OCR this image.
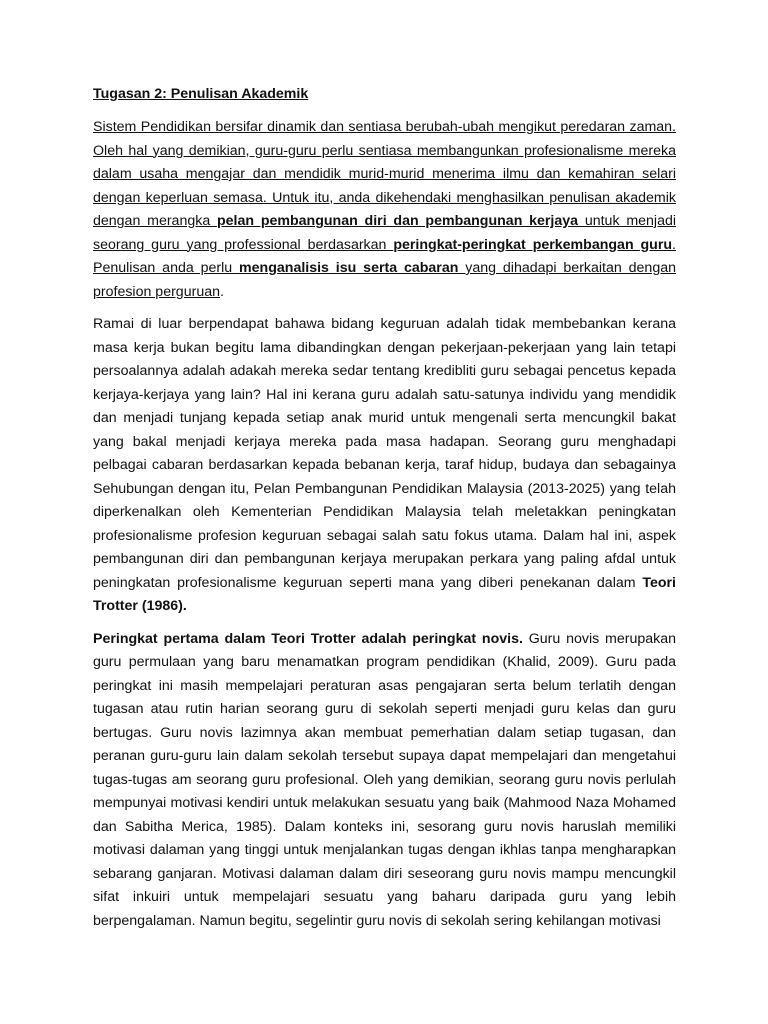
Tugasan 2: Penulisan Akademik

Sistem Pendidikan bersifar dinamik dan sentiasa berubah-ubah mengikut peredaran zaman. Oleh hal yang demikian, guru-guru perlu sentiasa membangunkan profesionalisme mereka dalam usaha mengajar dan mendidik murid-murid menerima ilmu dan kemahiran selari dengan keperluan semasa. Untuk itu, anda dikehendaki menghasilkan penulisan akademik dengan merangka pelan pembangunan diri dan pembangunan kerjaya untuk menjadi seorang guru yang professional berdasarkan peringkat-peringkat perkembangan guru. Penulisan anda perlu menganalisis isu serta cabaran yang dihadapi berkaitan dengan profesion perguruan.

Ramai di luar berpendapat bahawa bidang keguruan adalah tidak membebankan kerana masa kerja bukan begitu lama dibandingkan dengan pekerjaan-pekerjaan yang lain tetapi persoalannya adalah adakah mereka sedar tentang kredibliti guru sebagai pencetus kepada kerjaya-kerjaya yang lain? Hal ini kerana guru adalah satu-satunya individu yang mendidik dan menjadi tunjang kepada setiap anak murid untuk mengenali serta mencungkil bakat yang bakal menjadi kerjaya mereka pada masa hadapan. Seorang guru menghadapi pelbagai cabaran berdasarkan kepada bebanan kerja, taraf hidup, budaya dan sebagainya Sehubungan dengan itu, Pelan Pembangunan Pendidikan Malaysia (2013-2025) yang telah diperkenalkan oleh Kementerian Pendidikan Malaysia telah meletakkan peningkatan profesionalisme profesion keguruan sebagai salah satu fokus utama. Dalam hal ini, aspek pembangunan diri dan pembangunan kerjaya merupakan perkara yang paling afdal untuk peningkatan profesionalisme keguruan seperti mana yang diberi penekanan dalam Teori Trotter (1986).

Peringkat pertama dalam Teori Trotter adalah peringkat novis. Guru novis merupakan guru permulaan yang baru menamatkan program pendidikan (Khalid, 2009). Guru pada peringkat ini masih mempelajari peraturan asas pengajaran serta belum terlatih dengan tugasan atau rutin harian seorang guru di sekolah seperti menjadi guru kelas dan guru bertugas. Guru novis lazimnya akan membuat pemerhatian dalam setiap tugasan, dan peranan guru-guru lain dalam sekolah tersebut supaya dapat mempelajari dan mengetahui tugas-tugas am seorang guru profesional. Oleh yang demikian, seorang guru novis perlulah mempunyai motivasi kendiri untuk melakukan sesuatu yang baik (Mahmood Naza Mohamed dan Sabitha Merica, 1985). Dalam konteks ini, sesorang guru novis haruslah memiliki motivasi dalaman yang tinggi untuk menjalankan tugas dengan ikhlas tanpa mengharapkan sebarang ganjaran. Motivasi dalaman dalam diri seseorang guru novis mampu mencungkil sifat inkuiri untuk mempelajari sesuatu yang baharu daripada guru yang lebih berpengalaman. Namun begitu, segelintir guru novis di sekolah sering kehilangan motivasi
